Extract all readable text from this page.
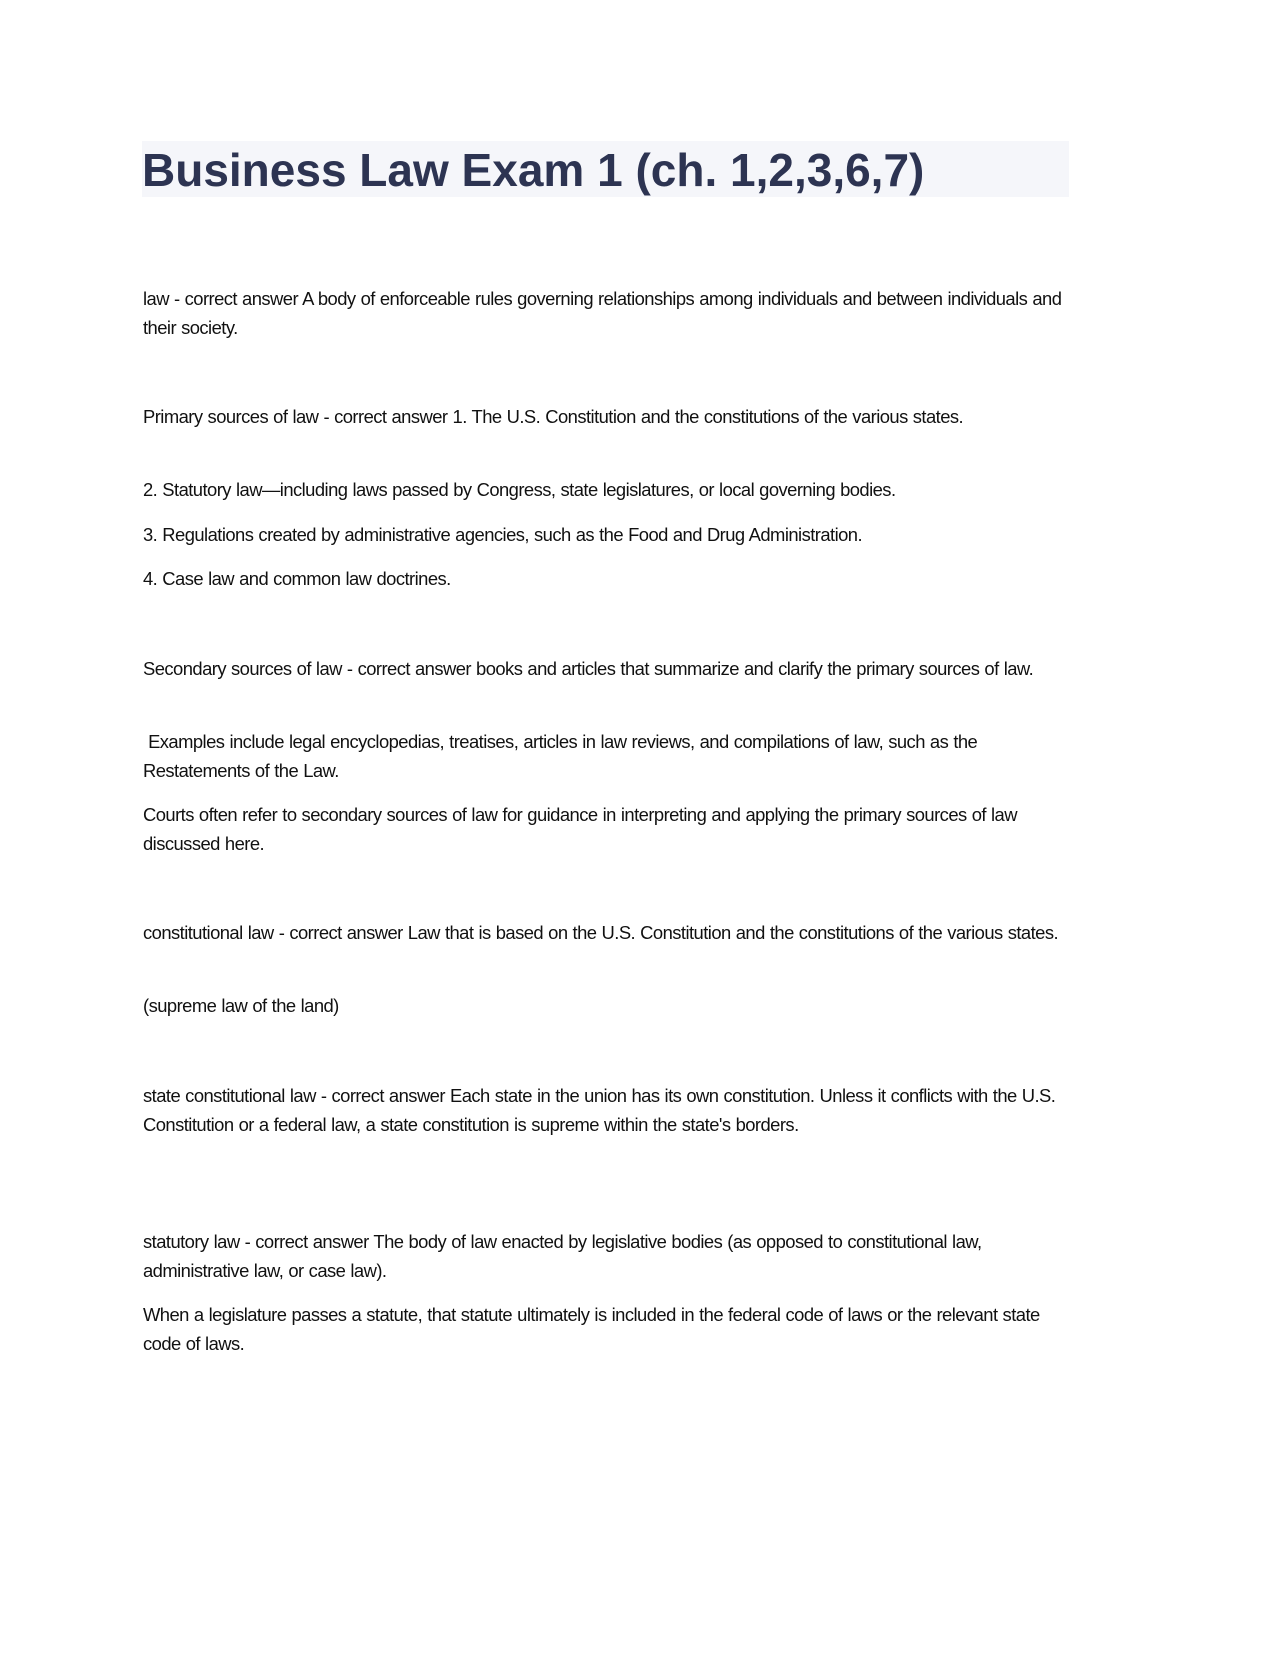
Business Law Exam 1 (ch. 1,2,3,6,7)

law - correct answer A body of enforceable rules governing relationships among individuals and between individuals and their society.

Primary sources of law - correct answer 1. The U.S. Constitution and the constitutions of the various states.

2. Statutory law—including laws passed by Congress, state legislatures, or local governing bodies.

3. Regulations created by administrative agencies, such as the Food and Drug Administration.

4. Case law and common law doctrines.

Secondary sources of law - correct answer books and articles that summarize and clarify the primary sources of law.

Examples include legal encyclopedias, treatises, articles in law reviews, and compilations of law, such as the Restatements of the Law.

Courts often refer to secondary sources of law for guidance in interpreting and applying the primary sources of law discussed here.

constitutional law - correct answer Law that is based on the U.S. Constitution and the constitutions of the various states.

(supreme law of the land)

state constitutional law - correct answer Each state in the union has its own constitution. Unless it conflicts with the U.S. Constitution or a federal law, a state constitution is supreme within the state's borders.

statutory law - correct answer The body of law enacted by legislative bodies (as opposed to constitutional law, administrative law, or case law).

When a legislature passes a statute, that statute ultimately is included in the federal code of laws or the relevant state code of laws.
